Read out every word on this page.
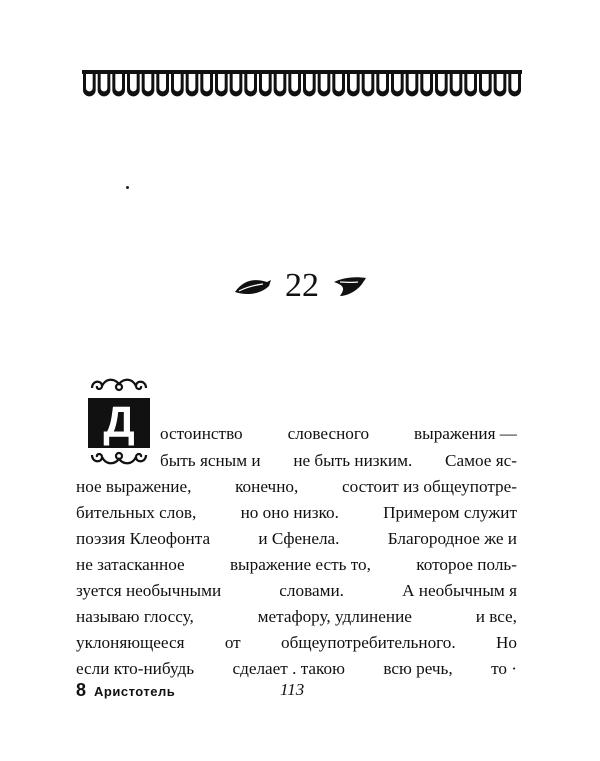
22
Д	остоинство	словесного	выражения —
быть ясным и не быть низким. Самое яс-
ное выражение,	конечно,	состоит из общеупотре-
бительных слов,	но оно низко.	Примером служит
поэзия Клеофонта	и Сфенела.	Благородное же и
не затасканное	выражение есть то,	которое поль-
зуется необычными	словами.	А необычным я
называю глоссу,	метафору, удлинение	и все,
уклоняющееся от общеупотребительного. Но
если кто-нибудь сделает . такою всю речь, то ·
8 Аристотель	113
